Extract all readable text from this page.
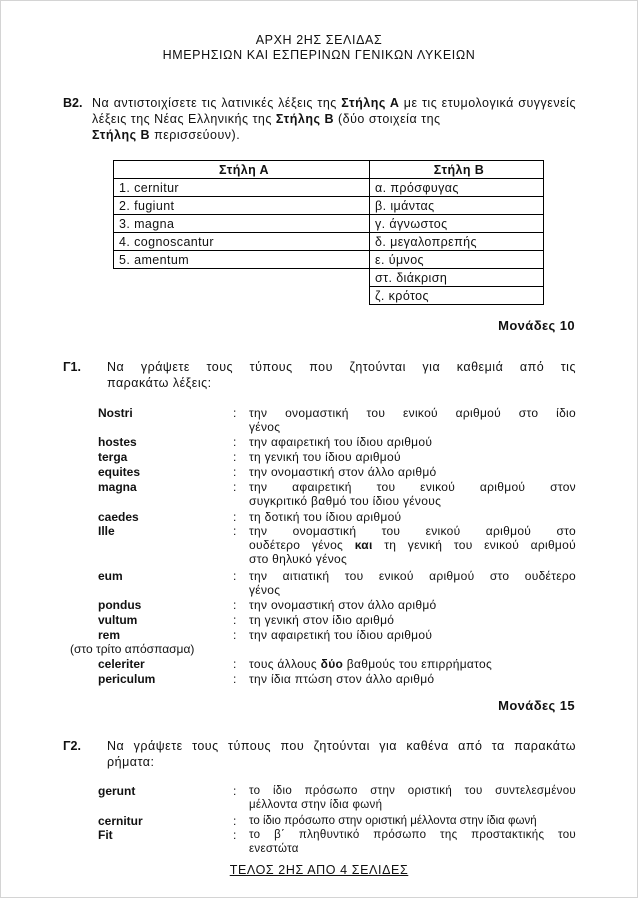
ΑΡΧΗ 2ΗΣ ΣΕΛΙΔΑΣ
ΗΜΕΡΗΣΙΩΝ ΚΑΙ ΕΣΠΕΡΙΝΩΝ ΓΕΝΙΚΩΝ ΛΥΚΕΙΩΝ
Β2. Να αντιστοιχίσετε τις λατινικές λέξεις της Στήλης Α με τις ετυμολογικά συγγενείς λέξεις της Νέας Ελληνικής της Στήλης Β (δύο στοιχεία της
Στήλης Β περισσεύουν).
Στήλη Α	Στήλη Β
1. cernitur	α. πρόσφυγας
2. fugiunt	β. ιμάντας
3. magna	γ. άγνωστος
4. cognoscantur	δ. μεγαλοπρεπής
5. amentum	ε. ύμνος
	στ. διάκριση
	ζ. κρότος
Μονάδες 10
Γ1. Να γράψετε τους τύπους που ζητούνται για καθεμιά από τις
παρακάτω λέξεις:
Nostri	: την ονομαστική του ενικού αριθμού στο ίδιο
γένος
hostes	: την αφαιρετική του ίδιου αριθμού
terga	: τη γενική του ίδιου αριθμού
equites	: την ονομαστική στον άλλο αριθμό
magna	: την αφαιρετική του ενικού αριθμού στον
συγκριτικό βαθμό του ίδιου γένους
caedes	: τη δοτική του ίδιου αριθμού
Ille	: την ονομαστική του ενικού αριθμού στο
ουδέτερο γένος και τη γενική του ενικού αριθμού
στο θηλυκό γένος
eum	: την αιτιατική του ενικού αριθμού στο ουδέτερο
γένος
pondus	: την ονομαστική στον άλλο αριθμό
vultum	: τη γενική στον ίδιο αριθμό
rem	: την αφαιρετική του ίδιου αριθμού
(στο τρίτο απόσπασμα)
celeriter	: τους άλλους δύο βαθμούς του επιρρήματος
periculum	: την ίδια πτώση στον άλλο αριθμό
Μονάδες 15
Γ2. Να γράψετε τους τύπους που ζητούνται για καθένα από τα παρακάτω
ρήματα:
gerunt	: το ίδιο πρόσωπο στην οριστική του συντελεσμένου
μέλλοντα στην ίδια φωνή
cernitur	: το ίδιο πρόσωπο στην οριστική μέλλοντα στην ίδια φωνή
Fit	: το β΄ πληθυντικό πρόσωπο της προστακτικής του
ενεστώτα
ΤΕΛΟΣ 2ΗΣ ΑΠΟ 4 ΣΕΛΙΔΕΣ
